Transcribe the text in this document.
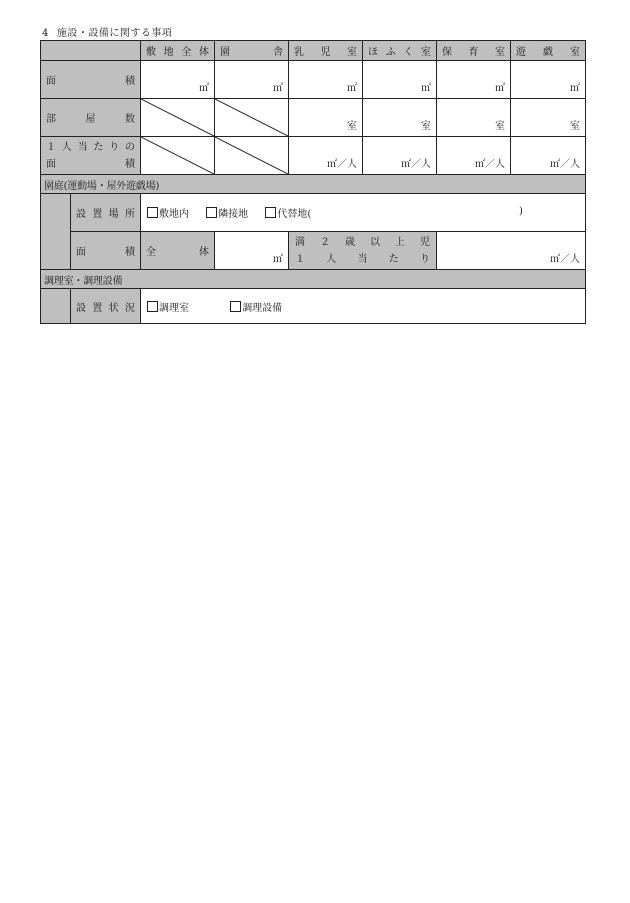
4 施設・設備に関する事項
		敷地全体	園　　舎	乳 児 室	ほふく室	保 育 室	遊 戯 室
面　　積		㎡	㎡	㎡	㎡	㎡	㎡

部 屋 数				室	室	室	室

１人当たりの
面　　積				㎡／人	㎡／人	㎡／人	㎡／人

園庭(運動場・屋外遊戯場)							
	設置場所	敷地内 隣接地 代替地( )					

	面　　積	全　　体	㎡	満２歳以上児
１人当たり		㎡／人	

調理室・調理設備							
	設置状況	調理室 調理設備					
